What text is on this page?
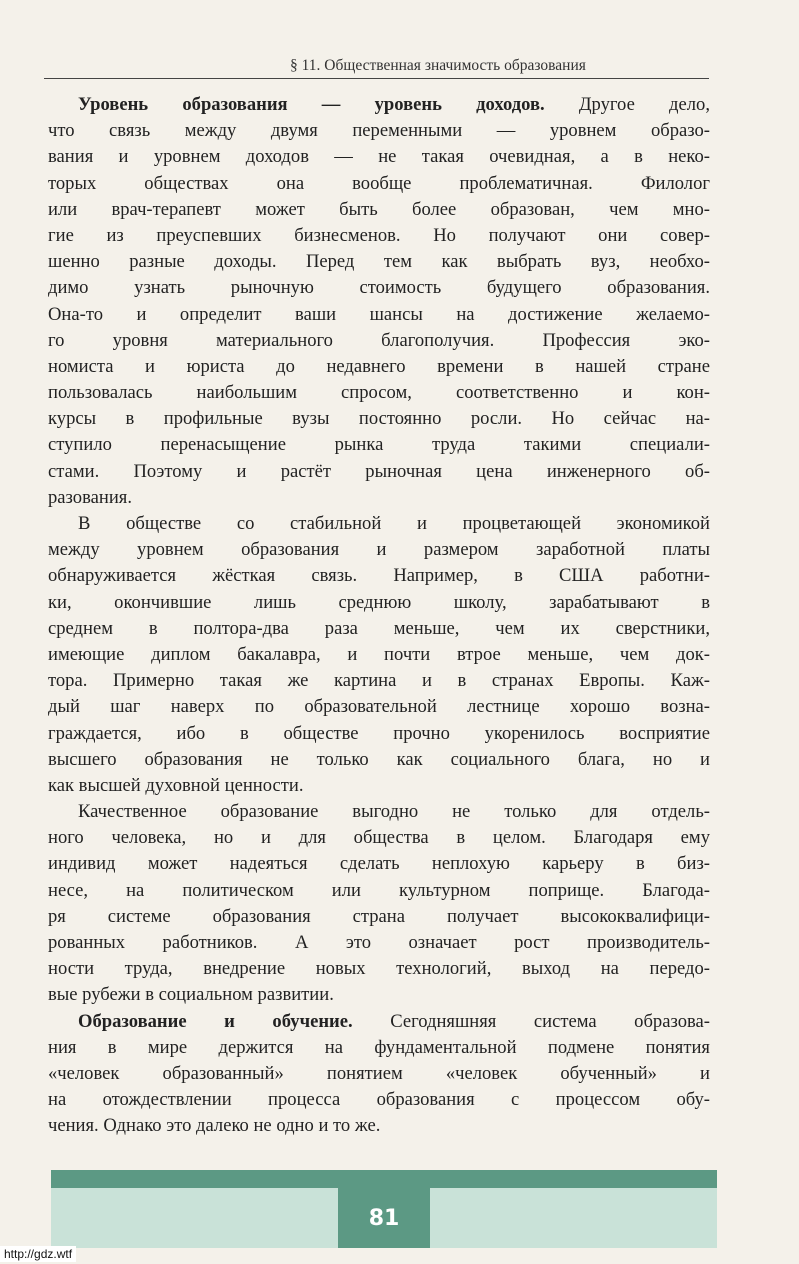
§ 11. Общественная значимость образования
Уровень образования — уровень доходов. Другое дело,
что связь между двумя переменными — уровнем образо-
вания и уровнем доходов — не такая очевидная, а в неко-
торых обществах она вообще проблематичная. Филолог
или врач-терапевт может быть более образован, чем мно-
гие из преуспевших бизнесменов. Но получают они совер-
шенно разные доходы. Перед тем как выбрать вуз, необхо-
димо узнать рыночную стоимость будущего образования.
Она-то и определит ваши шансы на достижение желаемо-
го уровня материального благополучия. Профессия эко-
номиста и юриста до недавнего времени в нашей стране
пользовалась наибольшим спросом, соответственно и кон-
курсы в профильные вузы постоянно росли. Но сейчас на-
ступило перенасыщение рынка труда такими специали-
стами. Поэтому и растёт рыночная цена инженерного об-
разования.
В обществе со стабильной и процветающей экономикой
между уровнем образования и размером заработной платы
обнаруживается жёсткая связь. Например, в США работни-
ки, окончившие лишь среднюю школу, зарабатывают в
среднем в полтора-два раза меньше, чем их сверстники,
имеющие диплом бакалавра, и почти втрое меньше, чем док-
тора. Примерно такая же картина и в странах Европы. Каж-
дый шаг наверх по образовательной лестнице хорошо возна-
граждается, ибо в обществе прочно укоренилось восприятие
высшего образования не только как социального блага, но и
как высшей духовной ценности.
Качественное образование выгодно не только для отдель-
ного человека, но и для общества в целом. Благодаря ему
индивид может надеяться сделать неплохую карьеру в биз-
несе, на политическом или культурном поприще. Благода-
ря системе образования страна получает высококвалифици-
рованных работников. А это означает рост производитель-
ности труда, внедрение новых технологий, выход на передо-
вые рубежи в социальном развитии.
Образование и обучение. Сегодняшняя система образова-
ния в мире держится на фундаментальной подмене понятия
«человек образованный» понятием «человек обученный» и
на отождествлении процесса образования с процессом обу-
чения. Однако это далеко не одно и то же.
81
http://gdz.wtf
